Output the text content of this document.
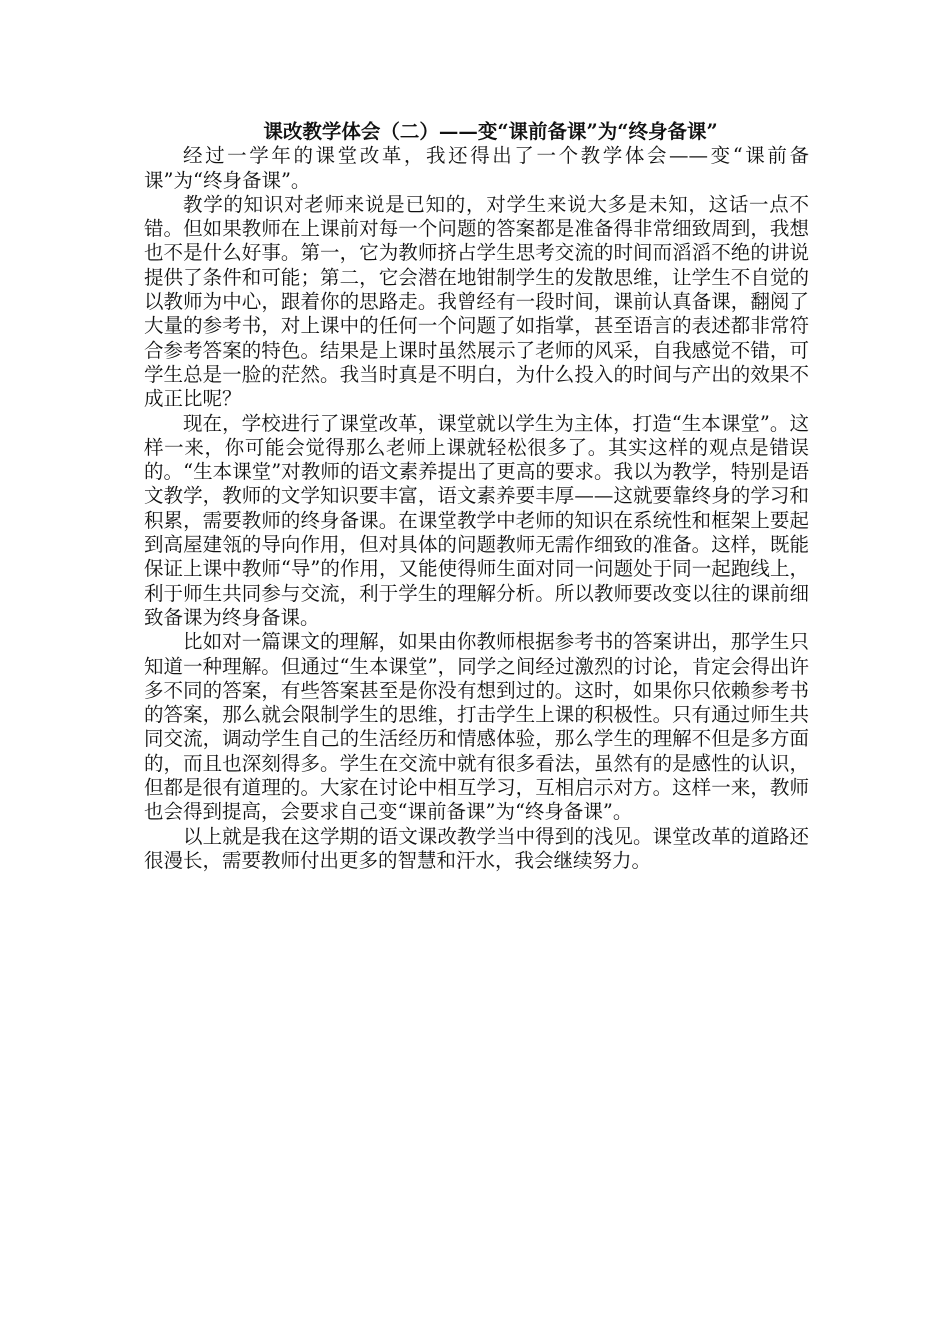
课改教学体会（二）——变“课前备课”为“终身备课”

经过一学年的课堂改革，我还得出了一个教学体会——变“课前备课”为“终身备课”。

教学的知识对老师来说是已知的，对学生来说大多是未知，这话一点不错。但如果教师在上课前对每一个问题的答案都是准备得非常细致周到，我想也不是什么好事。第一，它为教师挤占学生思考交流的时间而滔滔不绝的讲说提供了条件和可能；第二，它会潜在地钳制学生的发散思维，让学生不自觉的以教师为中心，跟着你的思路走。我曾经有一段时间，课前认真备课，翻阅了大量的参考书，对上课中的任何一个问题了如指掌，甚至语言的表述都非常符合参考答案的特色。结果是上课时虽然展示了老师的风采，自我感觉不错，可学生总是一脸的茫然。我当时真是不明白，为什么投入的时间与产出的效果不成正比呢？

现在，学校进行了课堂改革，课堂就以学生为主体，打造“生本课堂”。这样一来，你可能会觉得那么老师上课就轻松很多了。其实这样的观点是错误的。“生本课堂”对教师的语文素养提出了更高的要求。我以为教学，特别是语文教学，教师的文学知识要丰富，语文素养要丰厚——这就要靠终身的学习和积累，需要教师的终身备课。在课堂教学中老师的知识在系统性和框架上要起到高屋建瓴的导向作用，但对具体的问题教师无需作细致的准备。这样，既能保证上课中教师“导”的作用，又能使得师生面对同一问题处于同一起跑线上，利于师生共同参与交流，利于学生的理解分析。所以教师要改变以往的课前细致备课为终身备课。

比如对一篇课文的理解，如果由你教师根据参考书的答案讲出，那学生只知道一种理解。但通过“生本课堂”，同学之间经过激烈的讨论，肯定会得出许多不同的答案，有些答案甚至是你没有想到过的。这时，如果你只依赖参考书的答案，那么就会限制学生的思维，打击学生上课的积极性。只有通过师生共同交流，调动学生自己的生活经历和情感体验，那么学生的理解不但是多方面的，而且也深刻得多。学生在交流中就有很多看法，虽然有的是感性的认识，但都是很有道理的。大家在讨论中相互学习，互相启示对方。这样一来，教师也会得到提高，会要求自己变“课前备课”为“终身备课”。

以上就是我在这学期的语文课改教学当中得到的浅见。课堂改革的道路还很漫长，需要教师付出更多的智慧和汗水，我会继续努力。
